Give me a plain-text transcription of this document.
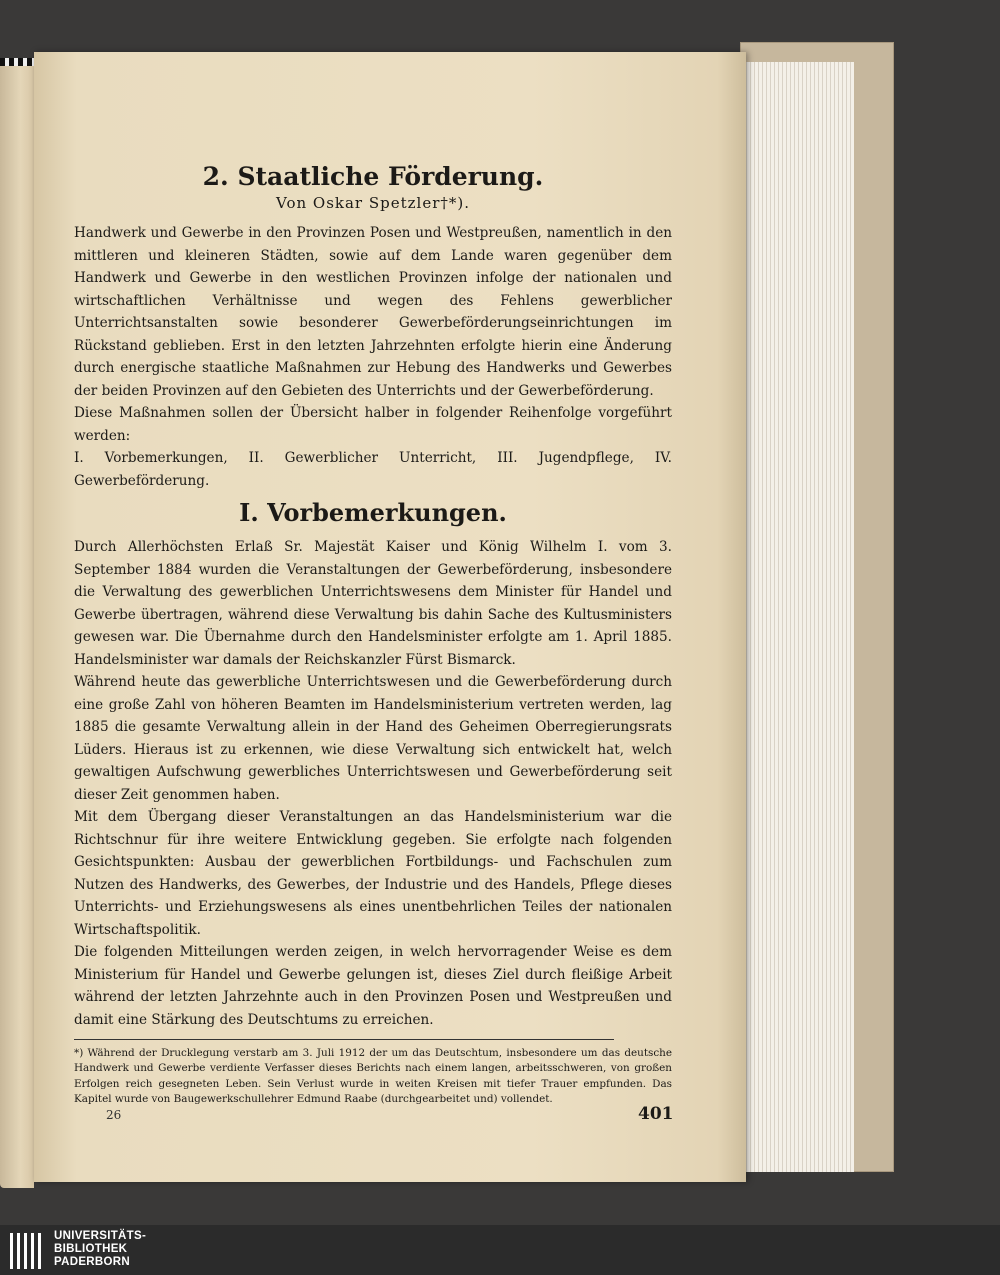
2. Staatliche Förderung.
Von Oskar Spetzler†*).

Handwerk und Gewerbe in den Provinzen Posen und Westpreußen, namentlich in den mittleren und kleineren Städten, sowie auf dem Lande waren gegenüber dem Handwerk und Gewerbe in den westlichen Provinzen infolge der nationalen und wirtschaftlichen Verhältnisse und wegen des Fehlens gewerblicher Unterrichtsanstalten sowie besonderer Gewerbeförderungseinrichtungen im Rückstand geblieben. Erst in den letzten Jahrzehnten erfolgte hierin eine Änderung durch energische staatliche Maßnahmen zur Hebung des Handwerks und Gewerbes der beiden Provinzen auf den Gebieten des Unterrichts und der Gewerbeförderung.

Diese Maßnahmen sollen der Übersicht halber in folgender Reihenfolge vorgeführt werden:

I. Vorbemerkungen, II. Gewerblicher Unterricht, III. Jugendpflege, IV. Gewerbeförderung.

I. Vorbemerkungen.

Durch Allerhöchsten Erlaß Sr. Majestät Kaiser und König Wilhelm I. vom 3. September 1884 wurden die Veranstaltungen der Gewerbeförderung, insbesondere die Verwaltung des gewerblichen Unterrichtswesens dem Minister für Handel und Gewerbe übertragen, während diese Verwaltung bis dahin Sache des Kultusministers gewesen war. Die Übernahme durch den Handelsminister erfolgte am 1. April 1885. Handelsminister war damals der Reichskanzler Fürst Bismarck.

Während heute das gewerbliche Unterrichtswesen und die Gewerbeförderung durch eine große Zahl von höheren Beamten im Handelsministerium vertreten werden, lag 1885 die gesamte Verwaltung allein in der Hand des Geheimen Oberregierungsrats Lüders. Hieraus ist zu erkennen, wie diese Verwaltung sich entwickelt hat, welch gewaltigen Aufschwung gewerbliches Unterrichtswesen und Gewerbeförderung seit dieser Zeit genommen haben.

Mit dem Übergang dieser Veranstaltungen an das Handelsministerium war die Richtschnur für ihre weitere Entwicklung gegeben. Sie erfolgte nach folgenden Gesichtspunkten: Ausbau der gewerblichen Fortbildungs- und Fachschulen zum Nutzen des Handwerks, des Gewerbes, der Industrie und des Handels, Pflege dieses Unterrichts- und Erziehungswesens als eines unentbehrlichen Teiles der nationalen Wirtschaftspolitik.

Die folgenden Mitteilungen werden zeigen, in welch hervorragender Weise es dem Ministerium für Handel und Gewerbe gelungen ist, dieses Ziel durch fleißige Arbeit während der letzten Jahrzehnte auch in den Provinzen Posen und Westpreußen und damit eine Stärkung des Deutschtums zu erreichen.

*) Während der Drucklegung verstarb am 3. Juli 1912 der um das Deutschtum, insbesondere um das deutsche Handwerk und Gewerbe verdiente Verfasser dieses Berichts nach einem langen, arbeitsschweren, von großen Erfolgen reich gesegneten Leben. Sein Verlust wurde in weiten Kreisen mit tiefer Trauer empfunden. Das Kapitel wurde von Baugewerkschullehrer Edmund Raabe (durchgearbeitet und) vollendet.

26	401
UNIVERSITÄTS-
BIBLIOTHEK
PADERBORN
